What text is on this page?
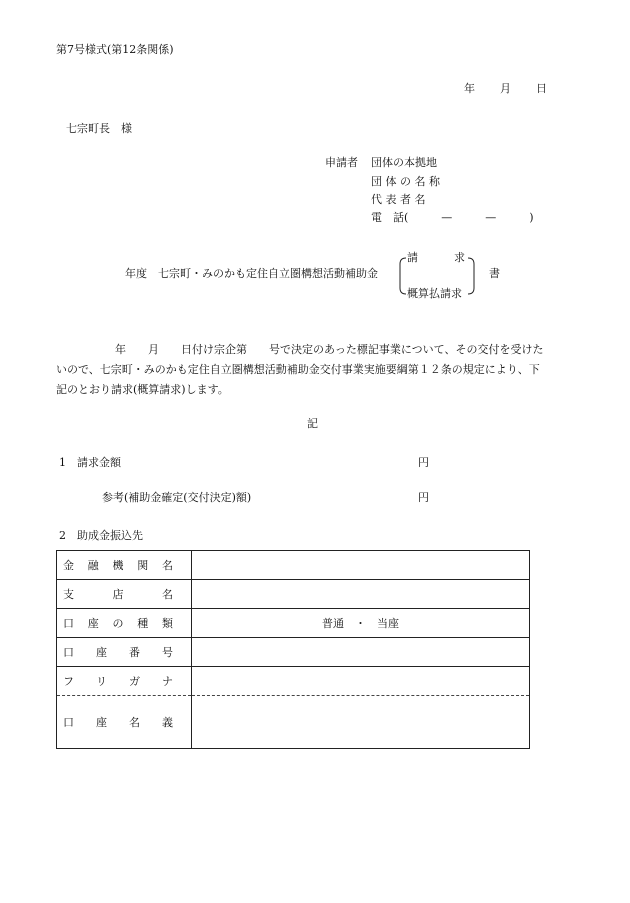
第7号様式(第12条関係)
年 月 日
七宗町長　様
申請者 団体の本拠地
団 体 の 名 称
代 表 者 名
電　話(　　　—　　　—　　　)
年度　七宗町・みのかも定住自立圏構想活動補助金
請	求
概算払請求
書
年　　月　　日付け宗企第　　号で決定のあった標記事業について、その交付を受けた
いので、七宗町・みのかも定住自立圏構想活動補助金交付事業実施要綱第１２条の規定により、下
記のとおり請求(概算請求)します。
記
1　請求金額	円
参考(補助金確定(交付決定)額)	円
2　助成金振込先
金 融 機 関 名	

支 店 名	

口 座 の 種 類	普通　・　当座

口 座 番 号	

フ リ ガ ナ	

口 座 名 義	
